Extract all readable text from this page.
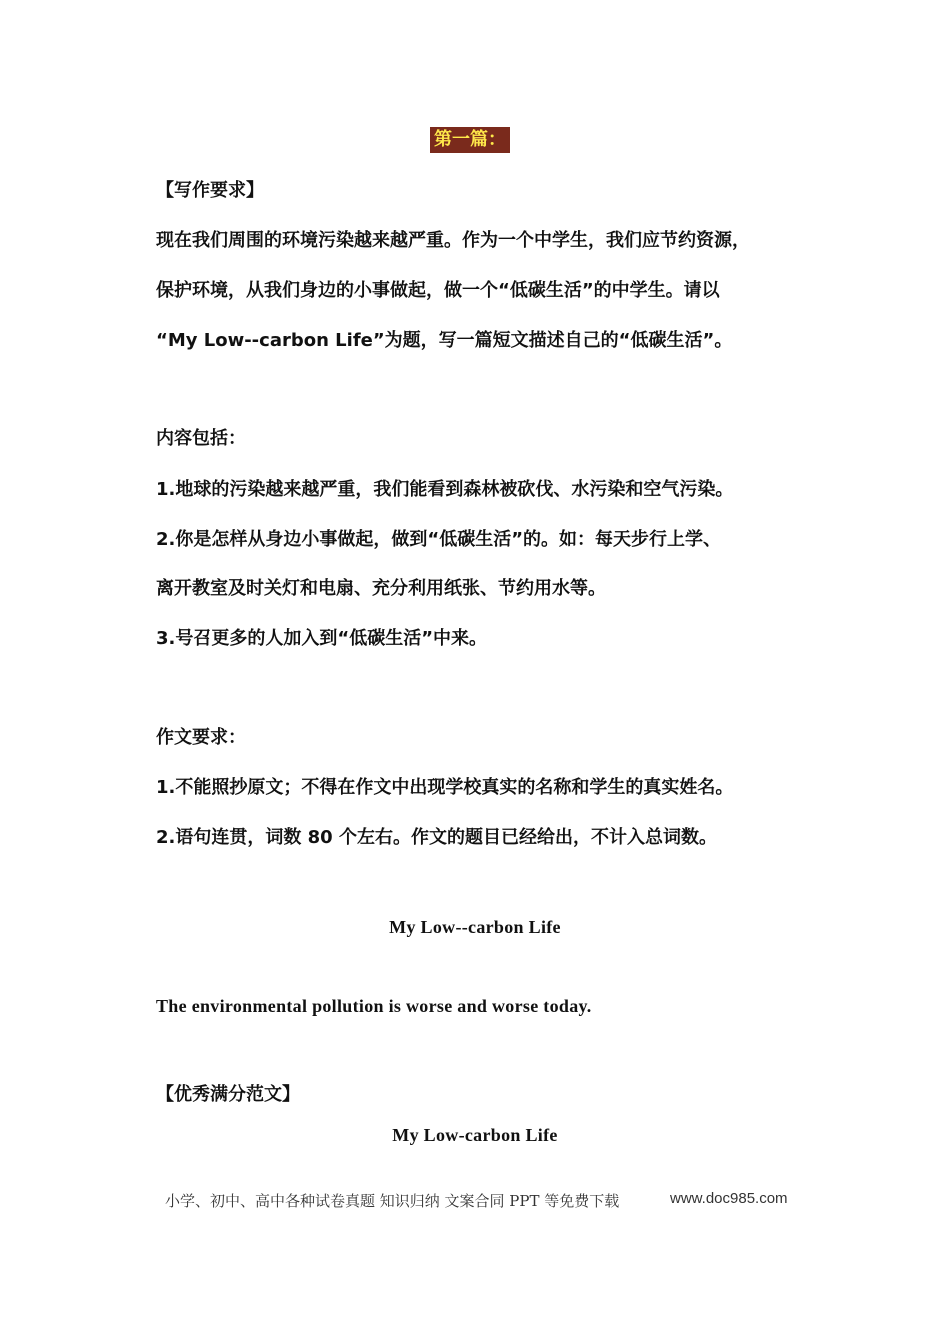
第一篇：
【写作要求】
现在我们周围的环境污染越来越严重。作为一个中学生，我们应节约资源，
保护环境，从我们身边的小事做起，做一个“低碳生活”的中学生。请以
“My Low--carbon Life”为题，写一篇短文描述自己的“低碳生活”。
内容包括：
1.地球的污染越来越严重，我们能看到森林被砍伐、水污染和空气污染。
2.你是怎样从身边小事做起，做到“低碳生活”的。如：每天步行上学、
离开教室及时关灯和电扇、充分利用纸张、节约用水等。
3.号召更多的人加入到“低碳生活”中来。
作文要求：
1.不能照抄原文；不得在作文中出现学校真实的名称和学生的真实姓名。
2.语句连贯，词数 80 个左右。作文的题目已经给出，不计入总词数。
My Low--carbon Life
The environmental pollution is worse and worse today.
【优秀满分范文】
My Low-carbon Life
小学、初中、高中各种试卷真题 知识归纳 文案合同 PPT 等免费下载	www.doc985.com
